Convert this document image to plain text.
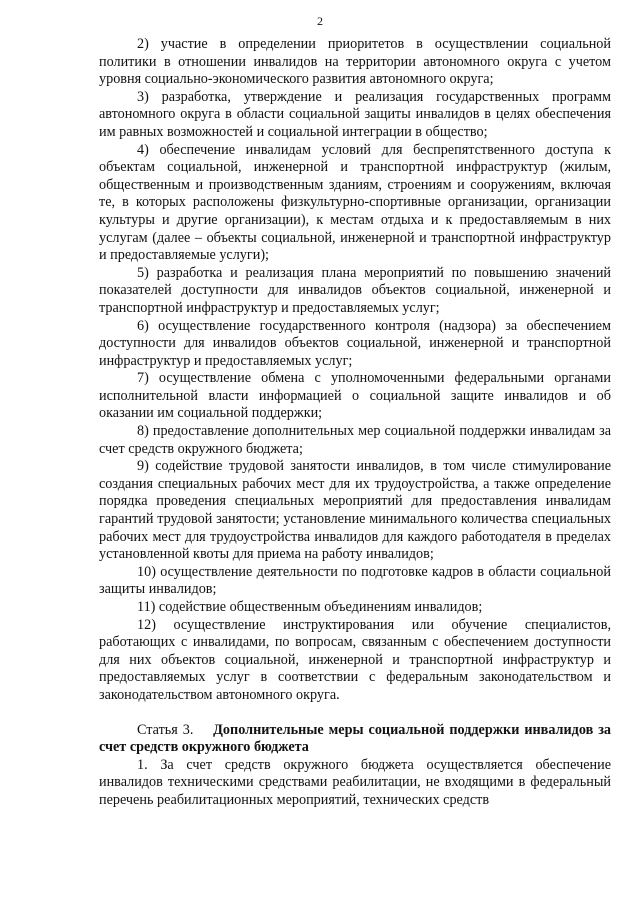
2

2) участие в определении приоритетов в осуществлении социальной политики в отношении инвалидов на территории автономного округа с учетом уровня социально-экономического развития автономного округа;

3) разработка, утверждение и реализация государственных программ автономного округа в области социальной защиты инвалидов в целях обеспечения им равных возможностей и социальной интеграции в общество;

4) обеспечение инвалидам условий для беспрепятственного доступа к объектам социальной, инженерной и транспортной инфраструктур (жилым, общественным и производственным зданиям, строениям и сооружениям, включая те, в которых расположены физкультурно-спортивные организации, организации культуры и другие организации), к местам отдыха и к предоставляемым в них услугам (далее – объекты социальной, инженерной и транспортной инфраструктур и предоставляемые услуги);

5) разработка и реализация плана мероприятий по повышению значений показателей доступности для инвалидов объектов социальной, инженерной и транспортной инфраструктур и предоставляемых услуг;

6) осуществление государственного контроля (надзора) за обеспечением доступности для инвалидов объектов социальной, инженерной и транспортной инфраструктур и предоставляемых услуг;

7) осуществление обмена с уполномоченными федеральными органами исполнительной власти информацией о социальной защите инвалидов и об оказании им социальной поддержки;

8) предоставление дополнительных мер социальной поддержки инвалидам за счет средств окружного бюджета;

9) содействие трудовой занятости инвалидов, в том числе стимулирование создания специальных рабочих мест для их трудоустройства, а также определение порядка проведения специальных мероприятий для предоставления инвалидам гарантий трудовой занятости; установление минимального количества специальных рабочих мест для трудоустройства инвалидов для каждого работодателя в пределах установленной квоты для приема на работу инвалидов;

10) осуществление деятельности по подготовке кадров в области социальной защиты инвалидов;

11) содействие общественным объединениям инвалидов;

12) осуществление инструктирования или обучение специалистов, работающих с инвалидами, по вопросам, связанным с обеспечением доступности для них объектов социальной, инженерной и транспортной инфраструктур и предоставляемых услуг в соответствии с федеральным законодательством и законодательством автономного округа.

Статья 3. Дополнительные меры социальной поддержки инвалидов за счет средств окружного бюджета

1. За счет средств окружного бюджета осуществляется обеспечение инвалидов техническими средствами реабилитации, не входящими в федеральный перечень реабилитационных мероприятий, технических средств
